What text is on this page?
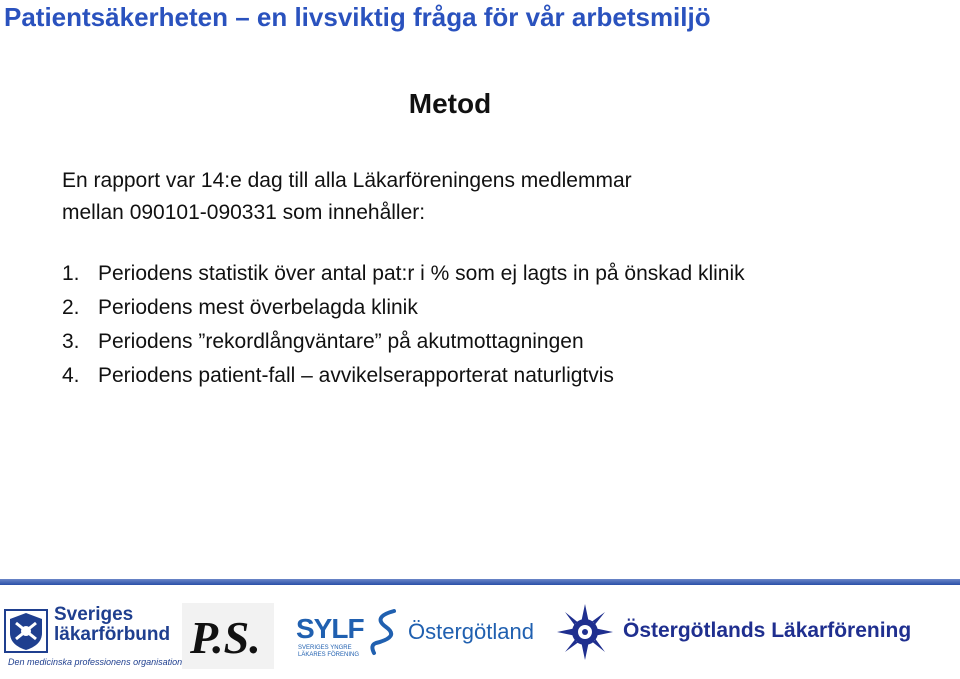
Patientsäkerheten – en livsviktig fråga för vår arbetsmiljö
Metod
En rapport var 14:e dag till alla Läkarföreningens medlemmar
mellan 090101-090331 som innehåller:
1. Periodens statistik över antal pat:r i % som ej lagts in på önskad klinik
2. Periodens mest överbelagda klinik
3. Periodens ”rekordlångväntare” på akutmottagningen
4. Periodens patient-fall – avvikelserapporterat naturligtvis
Sveriges
läkarförbund
Den medicinska professionens organisation P.S. SYLF
SVERIGES YNGRE
LÄKARES FÖRENING
Östergötland	Östergötlands Läkarförening
